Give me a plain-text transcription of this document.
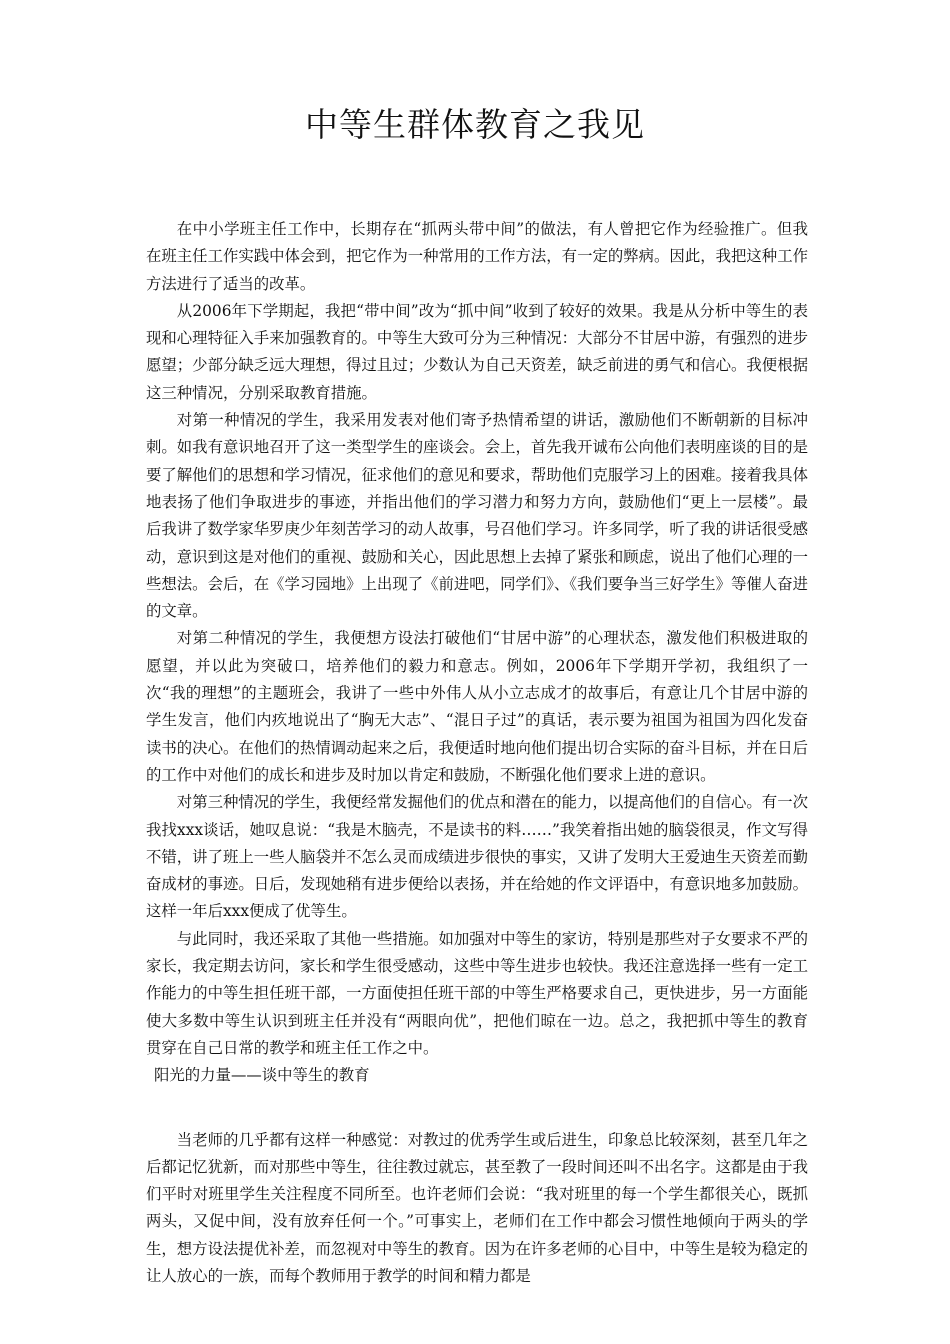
中等生群体教育之我见

在中小学班主任工作中，长期存在“抓两头带中间”的做法，有人曾把它作为经验推广。但我在班主任工作实践中体会到，把它作为一种常用的工作方法，有一定的弊病。因此，我把这种工作方法进行了适当的改革。

从2006年下学期起，我把“带中间”改为“抓中间”收到了较好的效果。我是从分析中等生的表现和心理特征入手来加强教育的。中等生大致可分为三种情况：大部分不甘居中游，有强烈的进步愿望；少部分缺乏远大理想，得过且过；少数认为自己天资差，缺乏前进的勇气和信心。我便根据这三种情况，分别采取教育措施。

对第一种情况的学生，我采用发表对他们寄予热情希望的讲话，激励他们不断朝新的目标冲刺。如我有意识地召开了这一类型学生的座谈会。会上，首先我开诚布公向他们表明座谈的目的是要了解他们的思想和学习情况，征求他们的意见和要求，帮助他们克服学习上的困难。接着我具体地表扬了他们争取进步的事迹，并指出他们的学习潜力和努力方向，鼓励他们“更上一层楼”。最后我讲了数学家华罗庚少年刻苦学习的动人故事，号召他们学习。许多同学，听了我的讲话很受感动，意识到这是对他们的重视、鼓励和关心，因此思想上去掉了紧张和顾虑，说出了他们心理的一些想法。会后，在《学习园地》上出现了《前进吧，同学们》、《我们要争当三好学生》等催人奋进的文章。

对第二种情况的学生，我便想方设法打破他们“甘居中游”的心理状态，激发他们积极进取的愿望，并以此为突破口，培养他们的毅力和意志。例如，2006年下学期开学初，我组织了一次“我的理想”的主题班会，我讲了一些中外伟人从小立志成才的故事后，有意让几个甘居中游的学生发言，他们内疚地说出了“胸无大志”、“混日子过”的真话，表示要为祖国为祖国为四化发奋读书的决心。在他们的热情调动起来之后，我便适时地向他们提出切合实际的奋斗目标，并在日后的工作中对他们的成长和进步及时加以肯定和鼓励，不断强化他们要求上进的意识。

对第三种情况的学生，我便经常发掘他们的优点和潜在的能力，以提高他们的自信心。有一次我找xxx谈话，她叹息说：“我是木脑壳，不是读书的料……”我笑着指出她的脑袋很灵，作文写得不错，讲了班上一些人脑袋并不怎么灵而成绩进步很快的事实，又讲了发明大王爱迪生天资差而勤奋成材的事迹。日后，发现她稍有进步便给以表扬，并在给她的作文评语中，有意识地多加鼓励。这样一年后xxx便成了优等生。

与此同时，我还采取了其他一些措施。如加强对中等生的家访，特别是那些对子女要求不严的家长，我定期去访问，家长和学生很受感动，这些中等生进步也较快。我还注意选择一些有一定工作能力的中等生担任班干部，一方面使担任班干部的中等生严格要求自己，更快进步，另一方面能使大多数中等生认识到班主任并没有“两眼向优”，把他们晾在一边。总之，我把抓中等生的教育贯穿在自己日常的教学和班主任工作之中。

阳光的力量——谈中等生的教育

当老师的几乎都有这样一种感觉：对教过的优秀学生或后进生，印象总比较深刻，甚至几年之后都记忆犹新，而对那些中等生，往往教过就忘，甚至教了一段时间还叫不出名字。这都是由于我们平时对班里学生关注程度不同所至。也许老师们会说：“我对班里的每一个学生都很关心，既抓两头，又促中间，没有放弃任何一个。”可事实上，老师们在工作中都会习惯性地倾向于两头的学生，想方设法提优补差，而忽视对中等生的教育。因为在许多老师的心目中，中等生是较为稳定的让人放心的一族，而每个教师用于教学的时间和精力都是
